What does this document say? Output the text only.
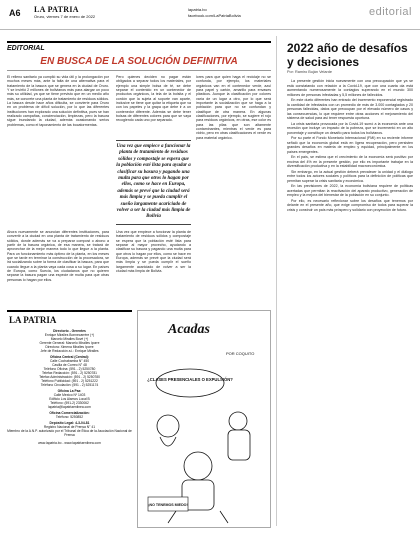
A6 LA PATRIA
Oruro, viernes 7 de enero de 2022
lapatria.bo
facebook.com/LaPatriaBolivia	editorial
EDITORIAL
EN BUSCA DE LA SOLUCIÓN DEFINITIVA

El relleno sanitario ya cumplió su vida útil y la prolongación por muchos meses más, ante la falta de una alternativa para el tratamiento de la basura que se genera en la ciudad de Oruro. Y se invirtió 2 millones de bolivianos más para alargar un poco más su utilidad, ya que se tiene previsto que en un medio año más, se concrete una planta de tratamiento de residuos sólidos. La basura desde hace años dificulta, se convierte para Oruro en un problema de difícil solución, por lo que las diferentes instituciones han explorado una solución definitiva, pues se han realizado campañas, concienciación, limpiezas, pero la basura sigue inundando la ciudad, además ocasionando serios problemas, como el taponamiento de las bocatormentas.

Ahora nuevamente se anuncian diferentes instituciones, para convertir a la ciudad en una planta de tratamiento de residuos sólidos, donde además se va a preparar compost o abono a partir de la basura orgánica, de esa manera, se tratará de aprovechar de la mejor manera todo lo que llegue a la planta. Para un funcionamiento más óptimo de la planta, en los meses que se tarde en terminar la construcción de la procesadora, se irá socializando sobre la forma de clasificar la basura, para que cuando llegue a la planta vaya cada cosa a su lugar. En países de Europa, como Suecia, los ciudadanos que no quieren separar la basura pagan una especie de multa para que otras personas lo hagan por ellos.

Pero quienes deciden no pagar están obligados a separar todos los materiales, por ejemplo una simple bolsa de té, se debe separar el contenido en un contenedor de productos orgánicos, la tela de la bolsita y el cordón que la sujeta al soporte van aparte, inclusive se tiene que quitar la etiqueta que va con los papeles y la grapa que debe ir a un contenedor diferente. Además se debe tener bolsas de diferentes colores para que se vaya recogiendo cada uno por separado.

Una vez que empiece a funcionar la planta de tratamiento de residuos sólidos y compostaje se espera que la población esté lista para ayudar a clasificar su basura y pagando una multa para que otros lo hagan por ellos, como se hace en Europa, además se prevé que la ciudad será más limpia y se pueda cumplir el sueño largamente acariciado de volver a ser la ciudad más limpia de Bolivia

Una vez que empiece a funcionar la planta de tratamiento de residuos sólidos y compostaje se espera que la población esté lista para separar al mayor provecho, ayudando a clasificar su basura y pagando una multa para que otros lo hagan por ellos, como se hace en Europa, además se prevé que la ciudad será más limpia y se pueda cumplir el sueño largamente acariciado de volver a ser la ciudad más limpia de Bolivia.

lores para que quien haga el reciclaje no se confunda, por ejemplo, los materiales orgánicos van en el contenedor verde, azul para papel y cartón, amarillo para envases plásticos. Aunque la clasificación por colores varía de un lugar a otro, por lo que será importante la socialización que se haga a la población para que no se confundan y clasifique de otra manera. En algunas clasificaciones, por ejemplo, se sugiere el rojo para residuos orgánicos, en otras, ese color es para las pilas que son altamente contaminantes, mientras el verde es para vidrio, pero en otras clasificaciones el verde es para material orgánico.

LA PATRIA

Directorio - Gerentes

Enrique Miralles Bonnecarrère (+)

Marcelo Miralles Bové (+)

Gerente General: Marcelo Miralles Iporre

Directora: Ximena Miralles Iporre

Jefe de Redacción a.i.: Enrique Miralles

Oficina Central (Central):

Calle Cochabamba N° 450

Casilla de Correo N° 48

Teléfono Oficina: (591 - 2) 5250780

Telefax Redacción: (591 - 2) 5250781

Telefax Administración: (591 - 2) 5250780

Teléfono Publicidad: (591 - 2) 5251222

Teléfono Circulación: (591 - 2) 5251174

Oficina La Paz:

Calle Mexico Nº 1403

Edificio Los Alamos Local B

Teléfono: (591-2) 2330062

lapatria@lapatriaenlinea.com

Oficina Comercialización:

Teléfono: 5250852

Depósito Legal: 4-3-04-81

Registro Nacional de Prensa N° 41

Miembro de la A.N.P. autorizado por el Tribunal de Ética de la Asociación Nacional de Prensa

www.lapatria.bo - www.lapatriaenlinea.com

Acadas
POR COQUITO
¿CLASES PRESENCIALES O EXPULSIÓN?
¡NO TENEMOS MIEDO!
2022 año de desafíos y decisiones
Por: Ramiro Buján Velarde

La presente gestión inicia nuevamente con una preocupación que ya se está constatando con relación a la Covid-19, que con una cuarta ola está aumentando numerosamente la contagios superando en el mundo 300 millones de personas infectadas y 5,5 millones de fallecidos.

En este duelo diferentes han entrado del incremento exponencial registrado la cantidad de infectados con un promedio de más de 3.000 contagiados y 20 personas fallecidas, datos que preocupan por el elevado número de casos y las consecuencias, lo que requiere entre otras acciones el mejoramiento del sistema de salud para así tener respuesta oportuna.

La crisis sanitaria provocada por la Covid-19 sumó a la economía ante una recesión que incluye un impacto de la pobreza, que se incrementó en un alto porcentaje y constituye un desafío para todos los bolivianos.

Por su parte el Fondo Monetario Internacional (FMI) en su reciente informe señaló que la economía global está en ligera recuperación, pero persisten grandes desafíos en materia de empleo y equidad, principalmente en los países emergentes.

En el país, se estima que el crecimiento de la economía será positivo por encima del 4% en la presente gestión, por ello es importante trabajar en la diversificación productiva y en la estabilidad macroeconómica.

Sin embargo, en la actual gestión deberá prevalecer la unidad y el diálogo entre todos los actores sociales y políticos para la definición de políticas que permitan superar la crisis sanitaria y económica.

En las previsiones de 2022, la economía boliviana requiere de políticas acertadas que permitan la reactivación del aparato productivo, generación de empleo y la mejora del bienestar de la población en su conjunto.

Por ello, es necesario reflexionar sobre los desafíos que tenemos por delante en el presente año, que exige compromiso de todos para superar la crisis y construir un país más próspero y solidario con proyección de futuro.
